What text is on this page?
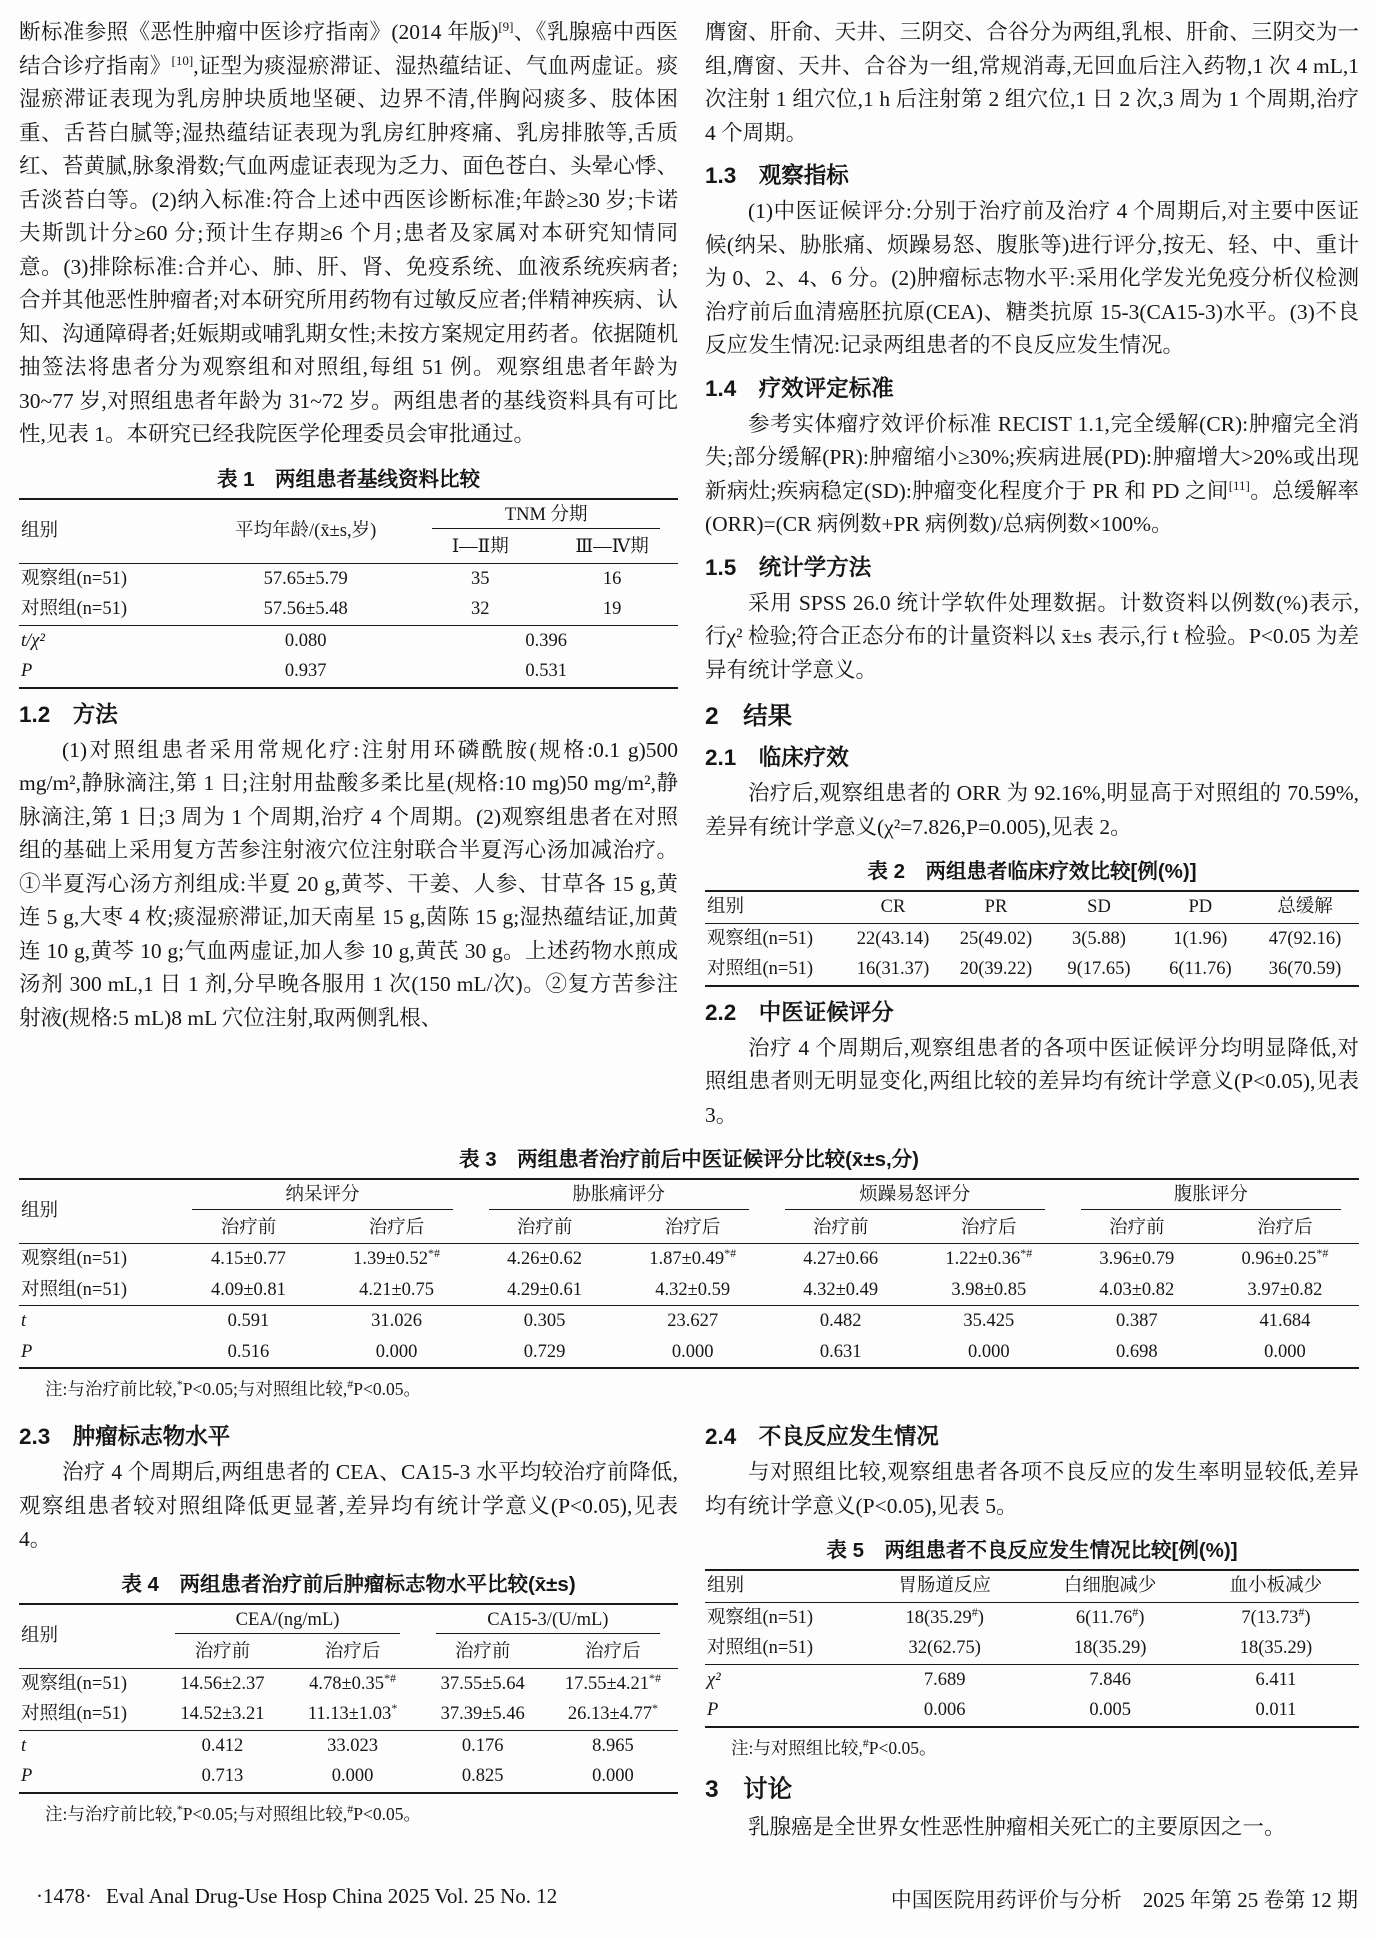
断标准参照《恶性肿瘤中医诊疗指南》(2014 年版)[9]、《乳腺癌中西医结合诊疗指南》[10],证型为痰湿瘀滞证、湿热蕴结证、气血两虚证。痰湿瘀滞证表现为乳房肿块质地坚硬、边界不清,伴胸闷痰多、肢体困重、舌苔白腻等;湿热蕴结证表现为乳房红肿疼痛、乳房排脓等,舌质红、苔黄腻,脉象滑数;气血两虚证表现为乏力、面色苍白、头晕心悸、舌淡苔白等。(2)纳入标准:符合上述中西医诊断标准;年龄≥30 岁;卡诺夫斯凯计分≥60 分;预计生存期≥6 个月;患者及家属对本研究知情同意。(3)排除标准:合并心、肺、肝、肾、免疫系统、血液系统疾病者;合并其他恶性肿瘤者;对本研究所用药物有过敏反应者;伴精神疾病、认知、沟通障碍者;妊娠期或哺乳期女性;未按方案规定用药者。依据随机抽签法将患者分为观察组和对照组,每组 51 例。观察组患者年龄为 30~77 岁,对照组患者年龄为 31~72 岁。两组患者的基线资料具有可比性,见表 1。本研究已经我院医学伦理委员会审批通过。

表 1　两组患者基线资料比较
组别	平均年龄/(x̄±s,岁)	TNM 分期	

		Ⅰ—Ⅱ期	Ⅲ—Ⅳ期
观察组(n=51)	57.65±5.79	35	16
对照组(n=51)	57.56±5.48	32	19
t/χ²	0.080	0.396	
P	0.937	0.531	
1.2　方法

(1)对照组患者采用常规化疗:注射用环磷酰胺(规格:0.1 g)500 mg/m²,静脉滴注,第 1 日;注射用盐酸多柔比星(规格:10 mg)50 mg/m²,静脉滴注,第 1 日;3 周为 1 个周期,治疗 4 个周期。(2)观察组患者在对照组的基础上采用复方苦参注射液穴位注射联合半夏泻心汤加减治疗。①半夏泻心汤方剂组成:半夏 20 g,黄芩、干姜、人参、甘草各 15 g,黄连 5 g,大枣 4 枚;痰湿瘀滞证,加天南星 15 g,茵陈 15 g;湿热蕴结证,加黄连 10 g,黄芩 10 g;气血两虚证,加人参 10 g,黄芪 30 g。上述药物水煎成汤剂 300 mL,1 日 1 剂,分早晚各服用 1 次(150 mL/次)。②复方苦参注射液(规格:5 mL)8 mL 穴位注射,取两侧乳根、

膺窗、肝俞、天井、三阴交、合谷分为两组,乳根、肝俞、三阴交为一组,膺窗、天井、合谷为一组,常规消毒,无回血后注入药物,1 次 4 mL,1 次注射 1 组穴位,1 h 后注射第 2 组穴位,1 日 2 次,3 周为 1 个周期,治疗 4 个周期。

1.3　观察指标

(1)中医证候评分:分别于治疗前及治疗 4 个周期后,对主要中医证候(纳呆、胁胀痛、烦躁易怒、腹胀等)进行评分,按无、轻、中、重计为 0、2、4、6 分。(2)肿瘤标志物水平:采用化学发光免疫分析仪检测治疗前后血清癌胚抗原(CEA)、糖类抗原 15-3(CA15-3)水平。(3)不良反应发生情况:记录两组患者的不良反应发生情况。

1.4　疗效评定标准

参考实体瘤疗效评价标准 RECIST 1.1,完全缓解(CR):肿瘤完全消失;部分缓解(PR):肿瘤缩小≥30%;疾病进展(PD):肿瘤增大>20%或出现新病灶;疾病稳定(SD):肿瘤变化程度介于 PR 和 PD 之间[11]。总缓解率(ORR)=(CR 病例数+PR 病例数)/总病例数×100%。

1.5　统计学方法

采用 SPSS 26.0 统计学软件处理数据。计数资料以例数(%)表示,行χ² 检验;符合正态分布的计量资料以 x̄±s 表示,行 t 检验。P<0.05 为差异有统计学意义。

2　结果
2.1　临床疗效

治疗后,观察组患者的 ORR 为 92.16%,明显高于对照组的 70.59%,差异有统计学意义(χ²=7.826,P=0.005),见表 2。

表 2　两组患者临床疗效比较[例(%)]
组别	CR	PR	SD	PD	总缓解
观察组(n=51)	22(43.14)	25(49.02)	3(5.88)	1(1.96)	47(92.16)
对照组(n=51)	16(31.37)	20(39.22)	9(17.65)	6(11.76)	36(70.59)
2.2　中医证候评分

治疗 4 个周期后,观察组患者的各项中医证候评分均明显降低,对照组患者则无明显变化,两组比较的差异均有统计学意义(P<0.05),见表 3。

表 3　两组患者治疗前后中医证候评分比较(x̄±s,分)
组别	纳呆评分		胁胀痛评分		烦躁易怒评分		腹胀评分	

	治疗前	治疗后	治疗前	治疗后	治疗前	治疗后	治疗前	治疗后
观察组(n=51)	4.15±0.77	1.39±0.52*#	4.26±0.62	1.87±0.49*#	4.27±0.66	1.22±0.36*#	3.96±0.79	0.96±0.25*#
对照组(n=51)	4.09±0.81	4.21±0.75	4.29±0.61	4.32±0.59	4.32±0.49	3.98±0.85	4.03±0.82	3.97±0.82
t	0.591	31.026	0.305	23.627	0.482	35.425	0.387	41.684
P	0.516	0.000	0.729	0.000	0.631	0.000	0.698	0.000
注:与治疗前比较,*P<0.05;与对照组比较,#P<0.05。
2.3　肿瘤标志物水平

治疗 4 个周期后,两组患者的 CEA、CA15-3 水平均较治疗前降低,观察组患者较对照组降低更显著,差异均有统计学意义(P<0.05),见表 4。

表 4　两组患者治疗前后肿瘤标志物水平比较(x̄±s)
组别	CEA/(ng/mL)		CA15-3/(U/mL)	

	治疗前	治疗后	治疗前	治疗后
观察组(n=51)	14.56±2.37	4.78±0.35*#	37.55±5.64	17.55±4.21*#
对照组(n=51)	14.52±3.21	11.13±1.03*	37.39±5.46	26.13±4.77*
t	0.412	33.023	0.176	8.965
P	0.713	0.000	0.825	0.000
注:与治疗前比较,*P<0.05;与对照组比较,#P<0.05。
2.4　不良反应发生情况

与对照组比较,观察组患者各项不良反应的发生率明显较低,差异均有统计学意义(P<0.05),见表 5。

表 5　两组患者不良反应发生情况比较[例(%)]
组别	胃肠道反应	白细胞减少	血小板减少
观察组(n=51)	18(35.29#)	6(11.76#)	7(13.73#)
对照组(n=51)	32(62.75)	18(35.29)	18(35.29)
χ²	7.689	7.846	6.411
P	0.006	0.005	0.011
注:与对照组比较,#P<0.05。
3　讨论

乳腺癌是全世界女性恶性肿瘤相关死亡的主要原因之一。

·1478· Eval Anal Drug-Use Hosp China 2025 Vol. 25 No. 12	中国医院用药评价与分析　2025 年第 25 卷第 12 期
